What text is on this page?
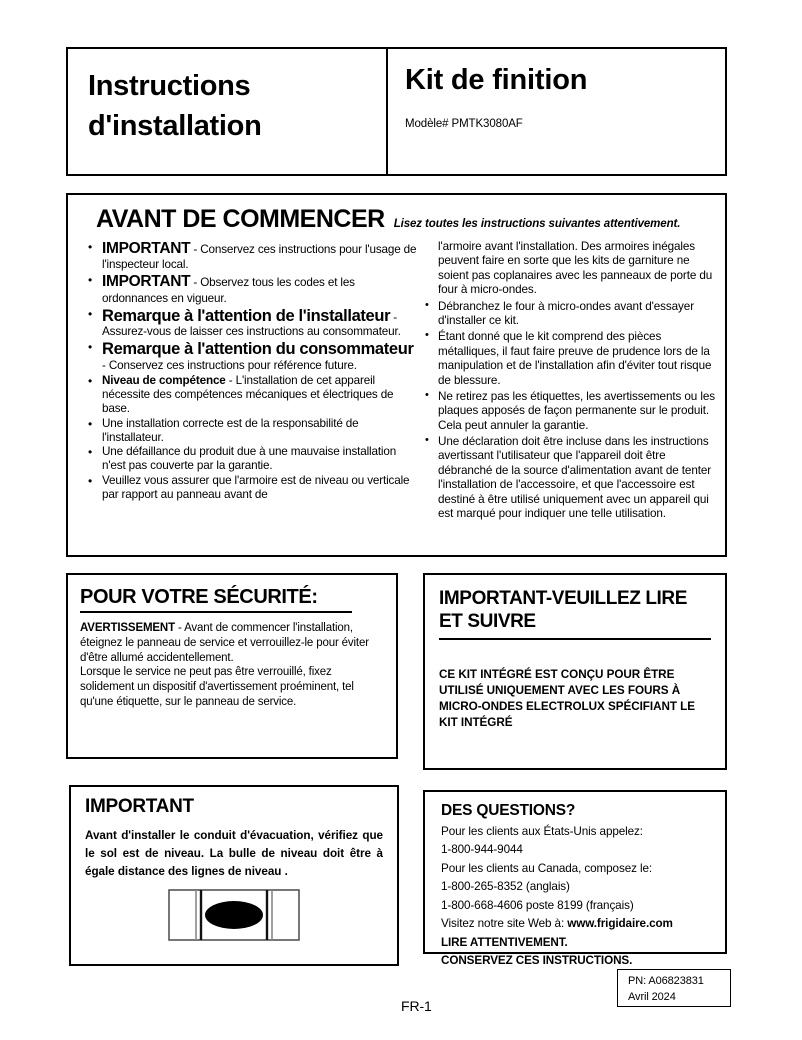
Instructions
d'installation
Kit de finition
Modèle# PMTK3080AF
AVANT DE COMMENCER Lisez toutes les instructions suivantes attentivement.
• IMPORTANT - Conservez ces instructions pour l'usage de l'inspecteur local.
• IMPORTANT - Observez tous les codes et les ordonnances en vigueur.
• Remarque à l'attention de l'installateur - Assurez-vous de laisser ces instructions au consommateur.
• Remarque à l'attention du consommateur - Conservez ces instructions pour référence future.
• Niveau de compétence - L'installation de cet appareil nécessite des compétences mécaniques et électriques de base.
• Une installation correcte est de la responsabilité de l'installateur.
• Une défaillance du produit due à une mauvaise installation n'est pas couverte par la garantie.
• Veuillez vous assurer que l'armoire est de niveau ou verticale par rapport au panneau avant de

l'armoire avant l'installation. Des armoires inégales peuvent faire en sorte que les kits de garniture ne soient pas coplanaires avec les panneaux de porte du four à micro-ondes.

• Débranchez le four à micro-ondes avant d'essayer d'installer ce kit.
• Étant donné que le kit comprend des pièces métalliques, il faut faire preuve de prudence lors de la manipulation et de l'installation afin d'éviter tout risque de blessure.
• Ne retirez pas les étiquettes, les avertissements ou les plaques apposés de façon permanente sur le produit. Cela peut annuler la garantie.
• Une déclaration doit être incluse dans les instructions avertissant l'utilisateur que l'appareil doit être débranché de la source d'alimentation avant de tenter l'installation de l'accessoire, et que l'accessoire est destiné à être utilisé uniquement avec un appareil qui est marqué pour indiquer une telle utilisation.
POUR VOTRE SÉCURITÉ:
AVERTISSEMENT - Avant de commencer l'installation, éteignez le panneau de service et verrouillez-le pour éviter d'être allumé accidentellement.
Lorsque le service ne peut pas être verrouillé, fixez solidement un dispositif d'avertissement proéminent, tel qu'une étiquette, sur le panneau de service.
IMPORTANT-VEUILLEZ LIRE
ET SUIVRE
CE KIT INTÉGRÉ EST CONÇU POUR ÊTRE UTILISÉ UNIQUEMENT AVEC LES FOURS À MICRO-ONDES ELECTROLUX SPÉCIFIANT LE KIT INTÉGRÉ
IMPORTANT
Avant d'installer le conduit d'évacuation, vérifiez que le sol est de niveau. La bulle de niveau doit être à égale distance des lignes de niveau .
DES QUESTIONS?
Pour les clients aux États-Unis appelez:
1-800-944-9044
Pour les clients au Canada, composez le:
1-800-265-8352 (anglais)
1-800-668-4606 poste 8199 (français)
Visitez notre site Web à: www.frigidaire.com
LIRE ATTENTIVEMENT.
CONSERVEZ CES INSTRUCTIONS.
PN: A06823831
Avril 2024
FR-1
